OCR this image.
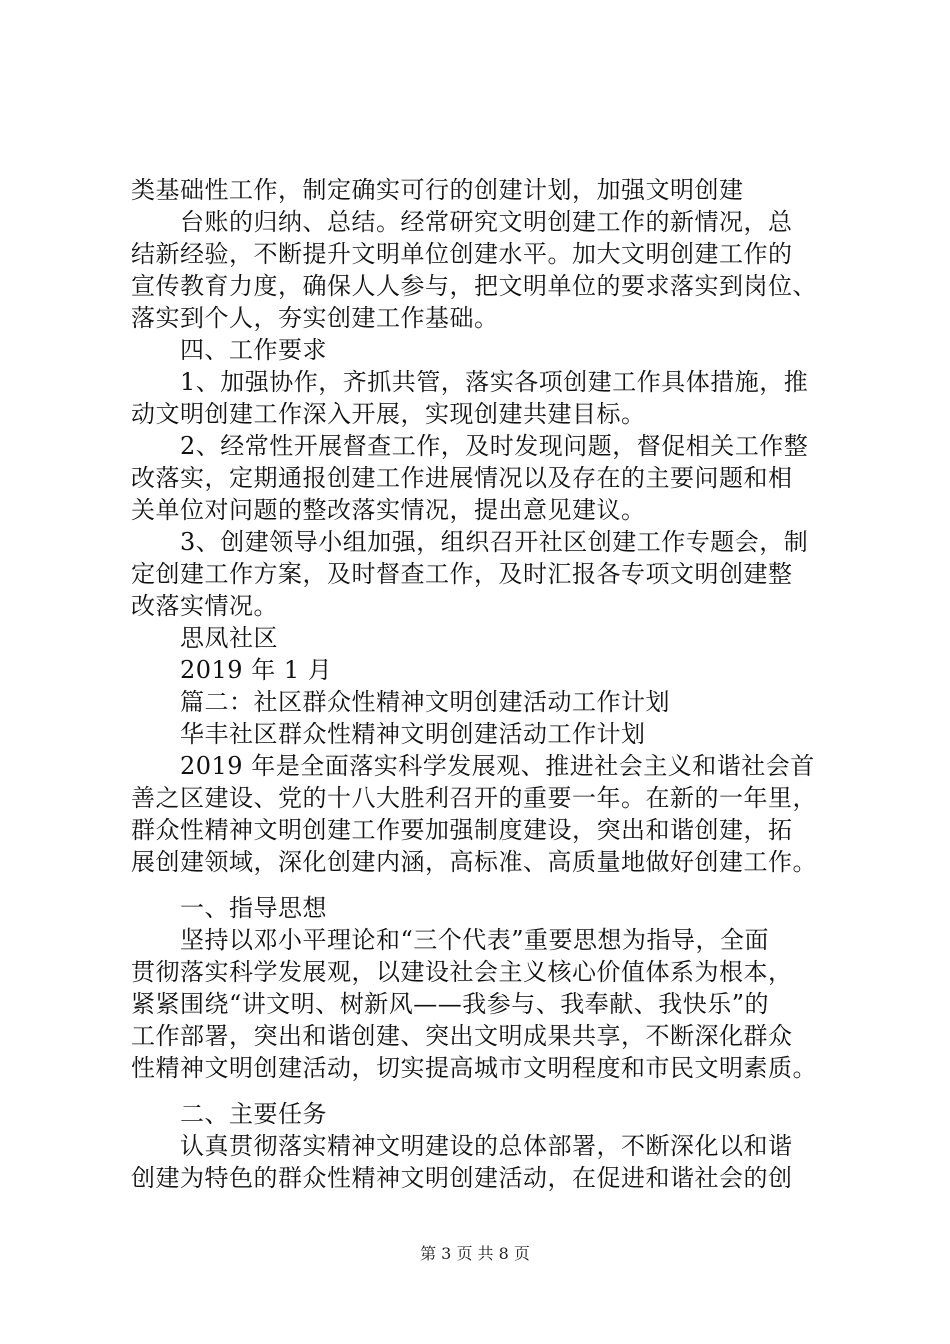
类基础性工作，制定确实可行的创建计划，加强文明创建
台账的归纳、总结。经常研究文明创建工作的新情况，总
结新经验，不断提升文明单位创建水平。加大文明创建工作的
宣传教育力度，确保人人参与，把文明单位的要求落实到岗位、
落实到个人，夯实创建工作基础。
四、工作要求
1、加强协作，齐抓共管，落实各项创建工作具体措施，推
动文明创建工作深入开展，实现创建共建目标。
2、经常性开展督查工作，及时发现问题，督促相关工作整
改落实，定期通报创建工作进展情况以及存在的主要问题和相
关单位对问题的整改落实情况，提出意见建议。
3、创建领导小组加强，组织召开社区创建工作专题会，制
定创建工作方案，及时督查工作，及时汇报各专项文明创建整
改落实情况。
思凤社区
2019 年 1 月
篇二：社区群众性精神文明创建活动工作计划
华丰社区群众性精神文明创建活动工作计划
2019 年是全面落实科学发展观、推进社会主义和谐社会首
善之区建设、党的十八大胜利召开的重要一年。在新的一年里，
群众性精神文明创建工作要加强制度建设，突出和谐创建，拓
展创建领域，深化创建内涵，高标准、高质量地做好创建工作。
一、指导思想
坚持以邓小平理论和“三个代表”重要思想为指导，全面
贯彻落实科学发展观，以建设社会主义核心价值体系为根本，
紧紧围绕“讲文明、树新风——我参与、我奉献、我快乐”的
工作部署，突出和谐创建、突出文明成果共享，不断深化群众
性精神文明创建活动，切实提高城市文明程度和市民文明素质。
二、主要任务
认真贯彻落实精神文明建设的总体部署，不断深化以和谐
创建为特色的群众性精神文明创建活动，在促进和谐社会的创
第 3 页 共 8 页
